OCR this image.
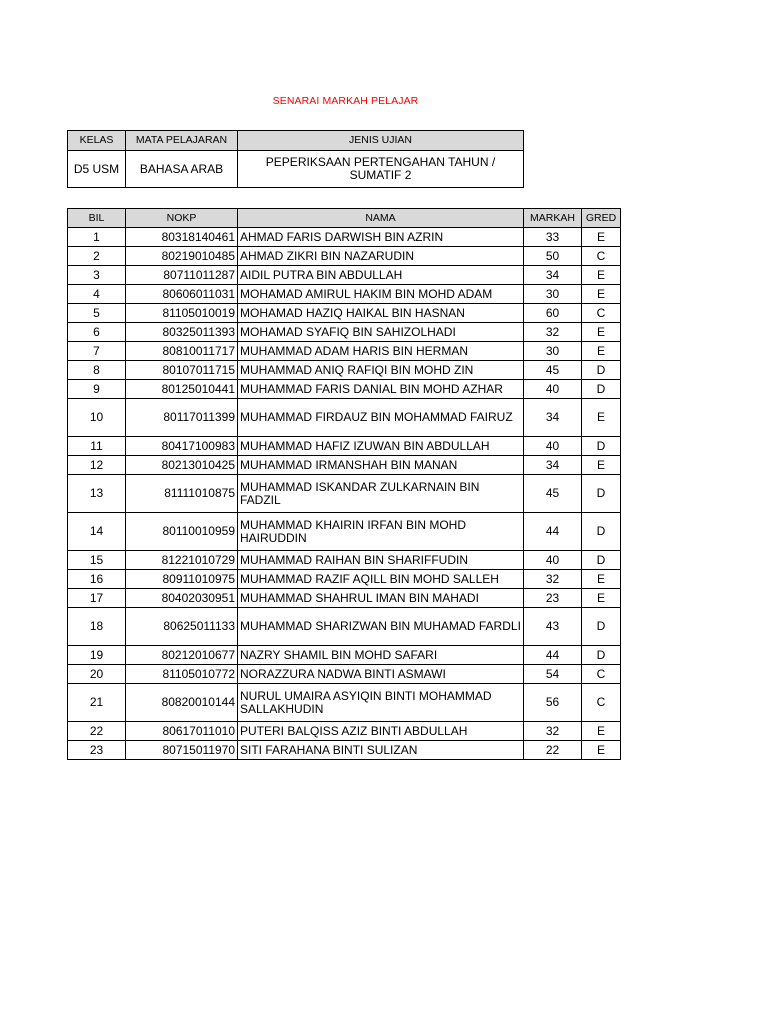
SENARAI MARKAH PELAJAR
KELAS	MATA PELAJARAN	JENIS UJIAN
D5 USM	BAHASA ARAB	PEPERIKSAAN PERTENGAHAN TAHUN / SUMATIF 2
BIL	NOKP	NAMA	MARKAH	GRED
1	80318140461	AHMAD FARIS DARWISH BIN AZRIN	33	E
2	80219010485	AHMAD ZIKRI BIN NAZARUDIN	50	C
3	80711011287	AIDIL PUTRA BIN ABDULLAH	34	E
4	80606011031	MOHAMAD AMIRUL HAKIM BIN MOHD ADAM	30	E
5	81105010019	MOHAMAD HAZIQ HAIKAL BIN HASNAN	60	C
6	80325011393	MOHAMAD SYAFIQ BIN SAHIZOLHADI	32	E
7	80810011717	MUHAMMAD ADAM HARIS BIN HERMAN	30	E
8	80107011715	MUHAMMAD ANIQ RAFIQI BIN MOHD ZIN	45	D
9	80125010441	MUHAMMAD FARIS DANIAL BIN MOHD AZHAR	40	D
10	80117011399	MUHAMMAD FIRDAUZ BIN MOHAMMAD FAIRUZ	34	E
11	80417100983	MUHAMMAD HAFIZ IZUWAN BIN ABDULLAH	40	D
12	80213010425	MUHAMMAD IRMANSHAH BIN MANAN	34	E
13	81111010875	MUHAMMAD ISKANDAR ZULKARNAIN BIN FADZIL	45	D
14	80110010959	MUHAMMAD KHAIRIN IRFAN BIN MOHD HAIRUDDIN	44	D
15	81221010729	MUHAMMAD RAIHAN BIN SHARIFFUDIN	40	D
16	80911010975	MUHAMMAD RAZIF AQILL BIN MOHD SALLEH	32	E
17	80402030951	MUHAMMAD SHAHRUL IMAN BIN MAHADI	23	E
18	80625011133	MUHAMMAD SHARIZWAN BIN MUHAMAD FARDLI	43	D
19	80212010677	NAZRY SHAMIL BIN MOHD SAFARI	44	D
20	81105010772	NORAZZURA NADWA BINTI ASMAWI	54	C
21	80820010144	NURUL UMAIRA ASYIQIN BINTI MOHAMMAD SALLAKHUDIN	56	C
22	80617011010	PUTERI BALQISS AZIZ BINTI ABDULLAH	32	E
23	80715011970	SITI FARAHANA BINTI SULIZAN	22	E
